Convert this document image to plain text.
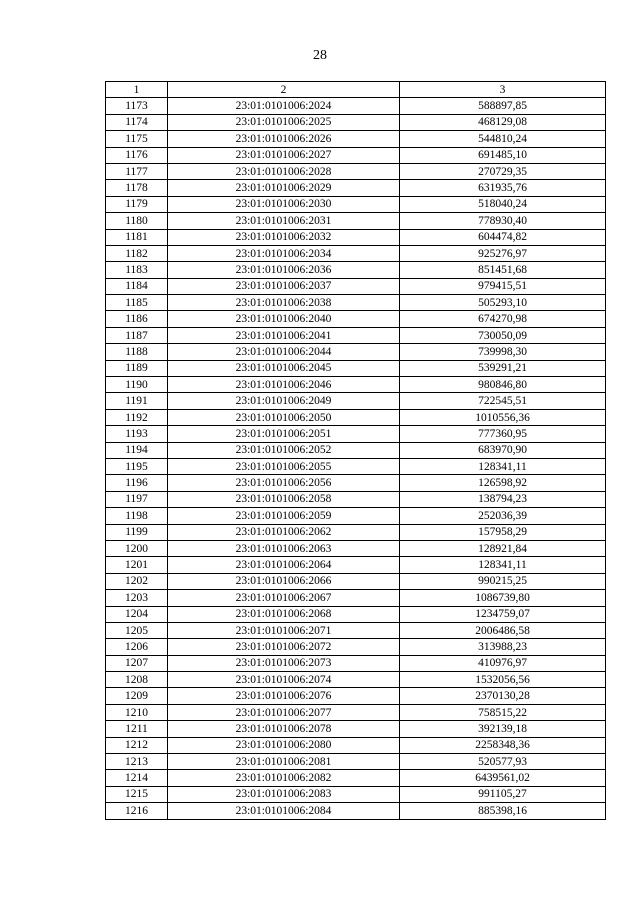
28
1	2	3
1173	23:01:0101006:2024	588897,85
1174	23:01:0101006:2025	468129,08
1175	23:01:0101006:2026	544810,24
1176	23:01:0101006:2027	691485,10
1177	23:01:0101006:2028	270729,35
1178	23:01:0101006:2029	631935,76
1179	23:01:0101006:2030	518040,24
1180	23:01:0101006:2031	778930,40
1181	23:01:0101006:2032	604474,82
1182	23:01:0101006:2034	925276,97
1183	23:01:0101006:2036	851451,68
1184	23:01:0101006:2037	979415,51
1185	23:01:0101006:2038	505293,10
1186	23:01:0101006:2040	674270,98
1187	23:01:0101006:2041	730050,09
1188	23:01:0101006:2044	739998,30
1189	23:01:0101006:2045	539291,21
1190	23:01:0101006:2046	980846,80
1191	23:01:0101006:2049	722545,51
1192	23:01:0101006:2050	1010556,36
1193	23:01:0101006:2051	777360,95
1194	23:01:0101006:2052	683970,90
1195	23:01:0101006:2055	128341,11
1196	23:01:0101006:2056	126598,92
1197	23:01:0101006:2058	138794,23
1198	23:01:0101006:2059	252036,39
1199	23:01:0101006:2062	157958,29
1200	23:01:0101006:2063	128921,84
1201	23:01:0101006:2064	128341,11
1202	23:01:0101006:2066	990215,25
1203	23:01:0101006:2067	1086739,80
1204	23:01:0101006:2068	1234759,07
1205	23:01:0101006:2071	2006486,58
1206	23:01:0101006:2072	313988,23
1207	23:01:0101006:2073	410976,97
1208	23:01:0101006:2074	1532056,56
1209	23:01:0101006:2076	2370130,28
1210	23:01:0101006:2077	758515,22
1211	23:01:0101006:2078	392139,18
1212	23:01:0101006:2080	2258348,36
1213	23:01:0101006:2081	520577,93
1214	23:01:0101006:2082	6439561,02
1215	23:01:0101006:2083	991105,27
1216	23:01:0101006:2084	885398,16
